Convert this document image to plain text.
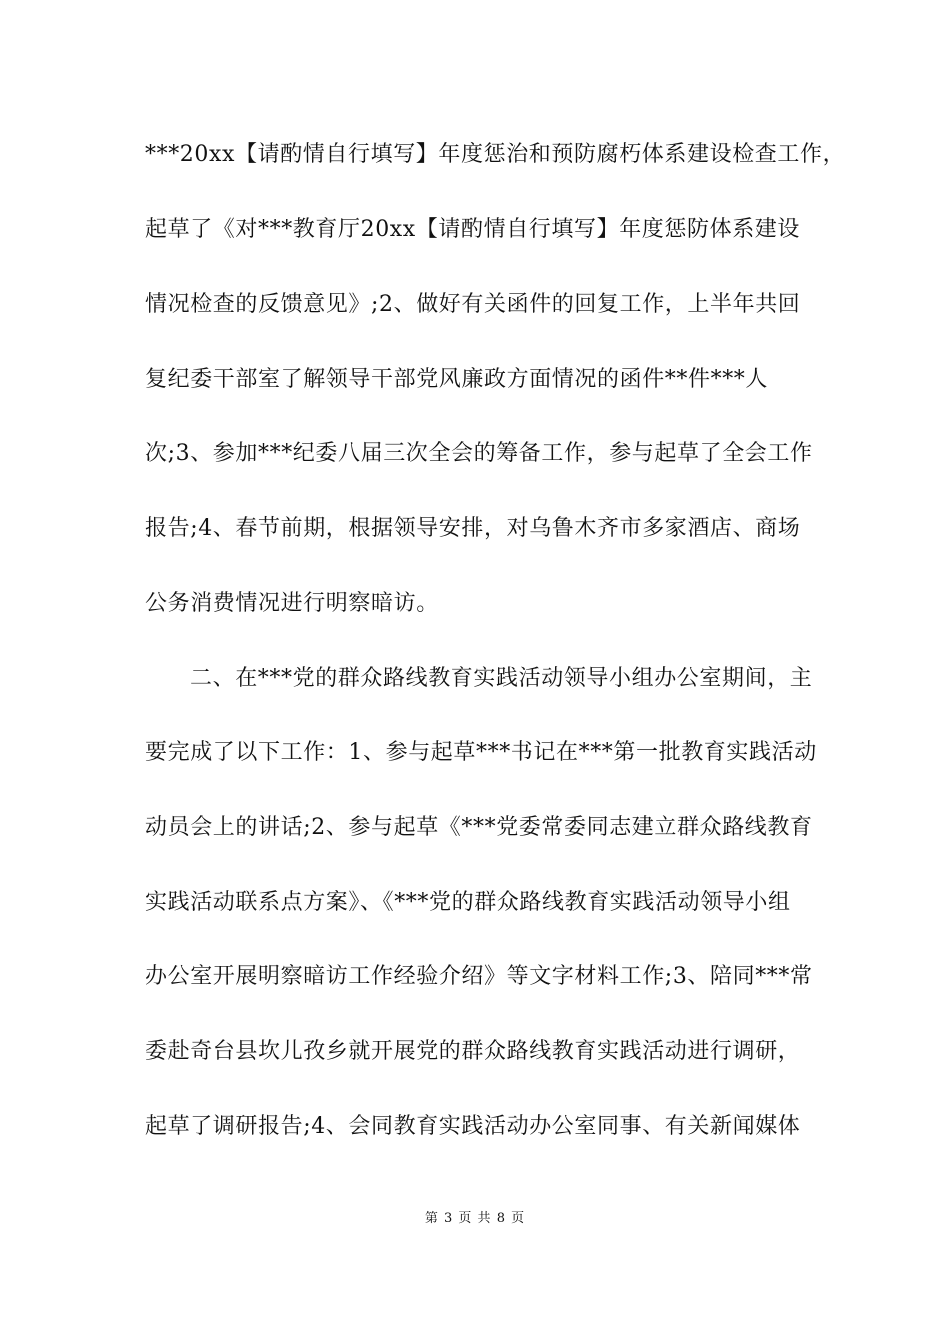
***20xx【请酌情自行填写】年度惩治和预防腐朽体系建设检查工作，
起草了《对***教育厅20xx【请酌情自行填写】年度惩防体系建设
情况检查的反馈意见》;2、做好有关函件的回复工作，上半年共回
复纪委干部室了解领导干部党风廉政方面情况的函件**件***人
次;3、参加***纪委八届三次全会的筹备工作，参与起草了全会工作
报告;4、春节前期，根据领导安排，对乌鲁木齐市多家酒店、商场
公务消费情况进行明察暗访。
二、在***党的群众路线教育实践活动领导小组办公室期间，主
要完成了以下工作：1、参与起草***书记在***第一批教育实践活动
动员会上的讲话;2、参与起草《***党委常委同志建立群众路线教育
实践活动联系点方案》、《***党的群众路线教育实践活动领导小组
办公室开展明察暗访工作经验介绍》等文字材料工作;3、陪同***常
委赴奇台县坎儿孜乡就开展党的群众路线教育实践活动进行调研，
起草了调研报告;4、会同教育实践活动办公室同事、有关新闻媒体
第 3 页 共 8 页
